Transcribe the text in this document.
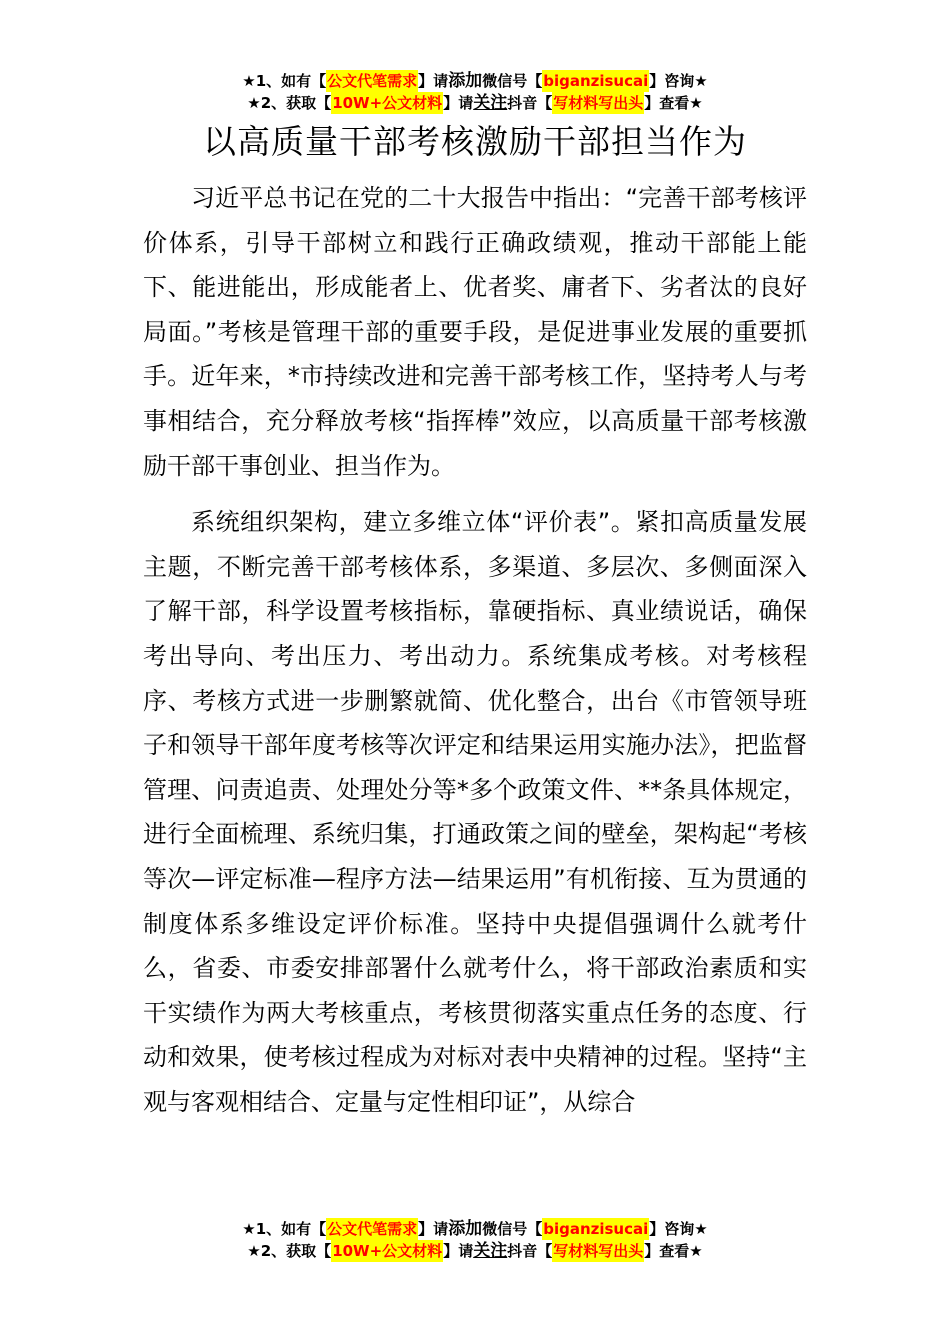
★ 1、如有【 公文代笔需求 】请 添加 微信号【 biganzisucai 】咨询★
★ 2、获取【 10W+公文材料 】请 关注 抖音【 写材料写出头 】查看★
以高质量干部考核激励干部担当作为

习近平总书记在党的二十大报告中指出：“完善干部考核评价体系，引导干部树立和践行正确政绩观，推动干部能上能下、能进能出，形成能者上、优者奖、庸者下、劣者汰的良好局面。”考核是管理干部的重要手段，是促进事业发展的重要抓手。近年来，*市持续改进和完善干部考核工作，坚持考人与考事相结合，充分释放考核“指挥棒”效应，以高质量干部考核激励干部干事创业、担当作为。

系统组织架构，建立多维立体“评价表”。紧扣高质量发展主题，不断完善干部考核体系，多渠道、多层次、多侧面深入了解干部，科学设置考核指标，靠硬指标、真业绩说话，确保考出导向、考出压力、考出动力。系统集成考核。对考核程序、考核方式进一步删繁就简、优化整合，出台《市管领导班子和领导干部年度考核等次评定和结果运用实施办法》，把监督管理、问责追责、处理处分等*多个政策文件、**条具体规定，进行全面梳理、系统归集，打通政策之间的壁垒，架构起“考核等次—评定标准—程序方法—结果运用”有机衔接、互为贯通的制度体系多维设定评价标准。坚持中央提倡强调什么就考什么，省委、市委安排部署什么就考什么，将干部政治素质和实干实绩作为两大考核重点，考核贯彻落实重点任务的态度、行动和效果，使考核过程成为对标对表中央精神的过程。坚持“主观与客观相结合、定量与定性相印证”，从综合

★ 1、如有【 公文代笔需求 】请 添加 微信号【 biganzisucai 】咨询★
★ 2、获取【 10W+公文材料 】请 关注 抖音【 写材料写出头 】查看★
